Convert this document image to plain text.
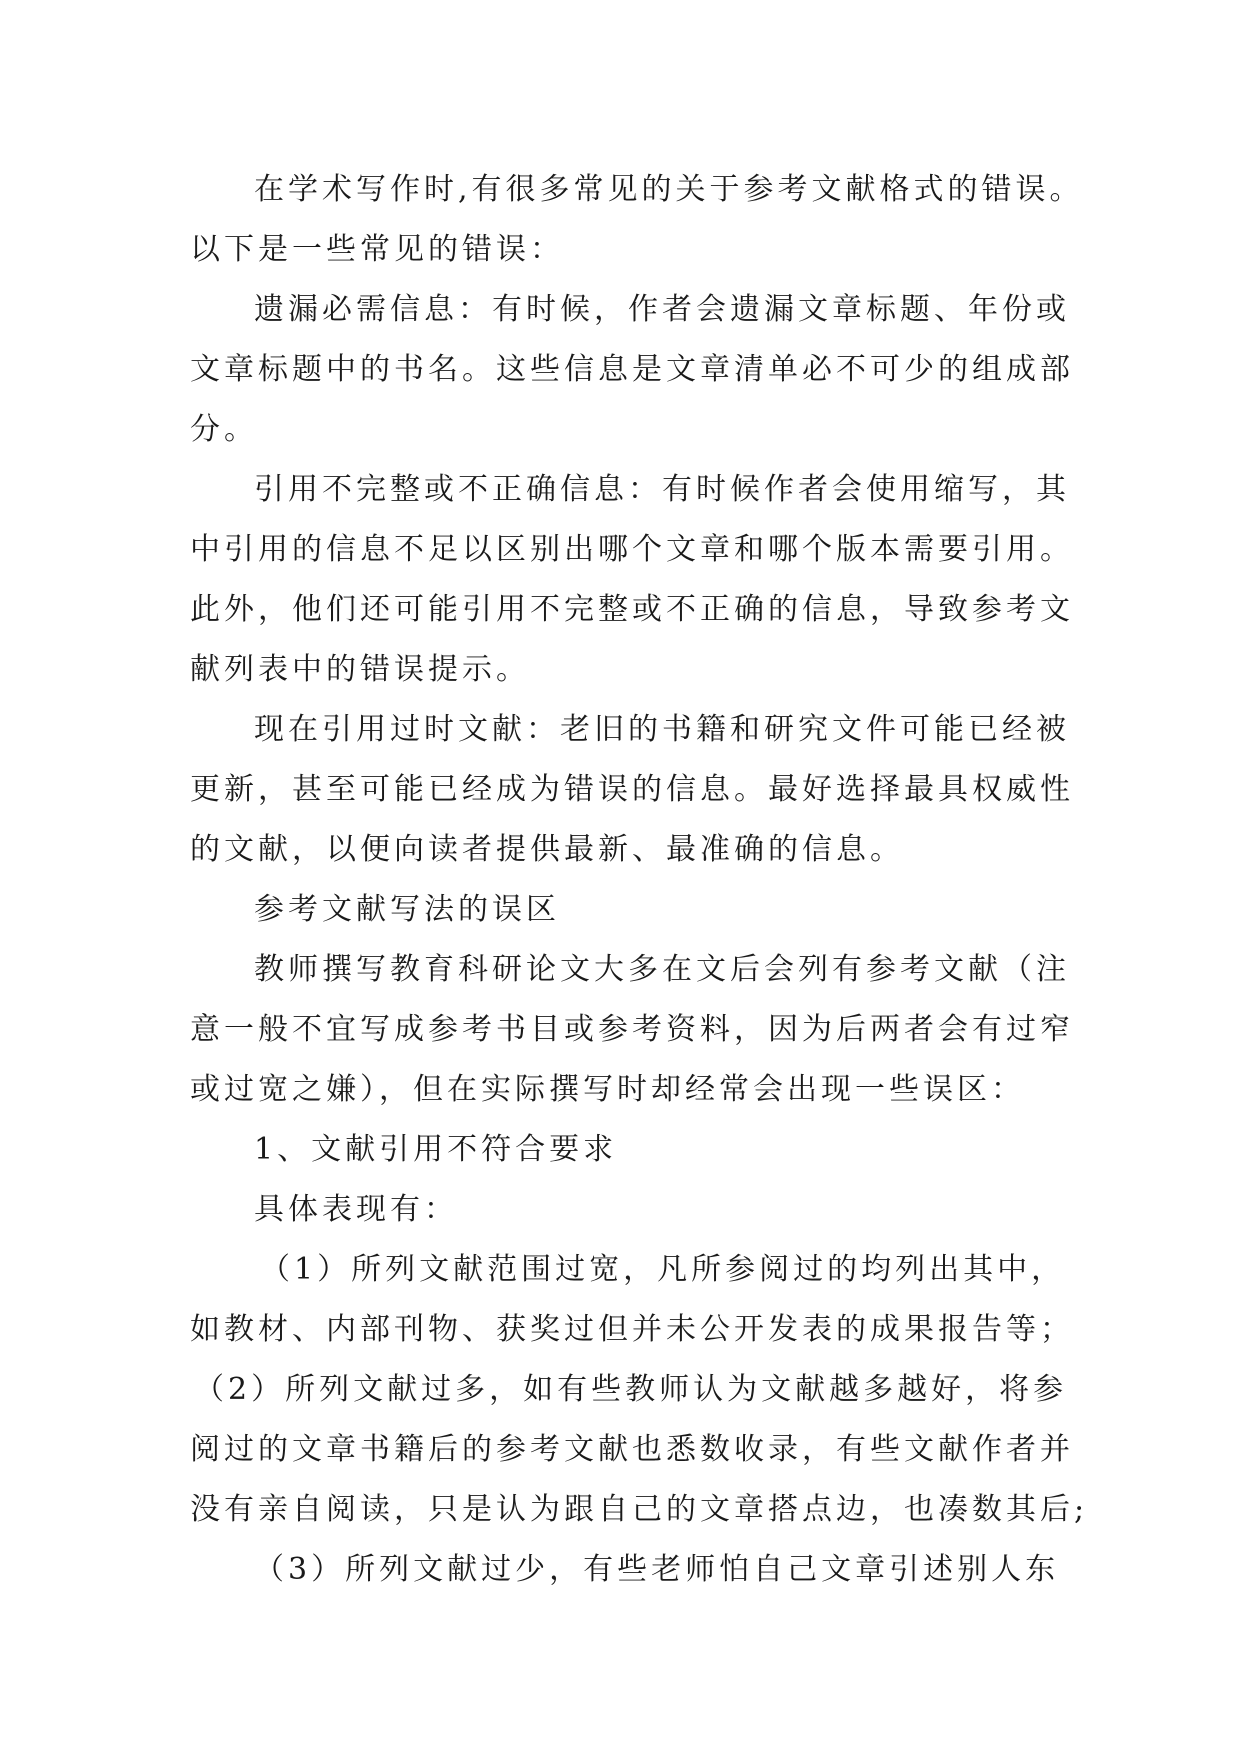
在学术写作时,有很多常见的关于参考文献格式的错误。
以下是一些常见的错误：
遗漏必需信息：有时候，作者会遗漏文章标题、年份或
文章标题中的书名。这些信息是文章清单必不可少的组成部
分。
引用不完整或不正确信息：有时候作者会使用缩写，其
中引用的信息不足以区别出哪个文章和哪个版本需要引用。
此外，他们还可能引用不完整或不正确的信息，导致参考文
献列表中的错误提示。
现在引用过时文献：老旧的书籍和研究文件可能已经被
更新，甚至可能已经成为错误的信息。最好选择最具权威性
的文献，以便向读者提供最新、最准确的信息。
参考文献写法的误区
教师撰写教育科研论文大多在文后会列有参考文献（注
意一般不宜写成参考书目或参考资料，因为后两者会有过窄
或过宽之嫌），但在实际撰写时却经常会出现一些误区：
1、文献引用不符合要求
具体表现有：
（1）所列文献范围过宽，凡所参阅过的均列出其中，
如教材、内部刊物、获奖过但并未公开发表的成果报告等；
（2）所列文献过多，如有些教师认为文献越多越好，将参
阅过的文章书籍后的参考文献也悉数收录，有些文献作者并
没有亲自阅读，只是认为跟自己的文章搭点边，也凑数其后;
（3）所列文献过少，有些老师怕自己文章引述别人东
